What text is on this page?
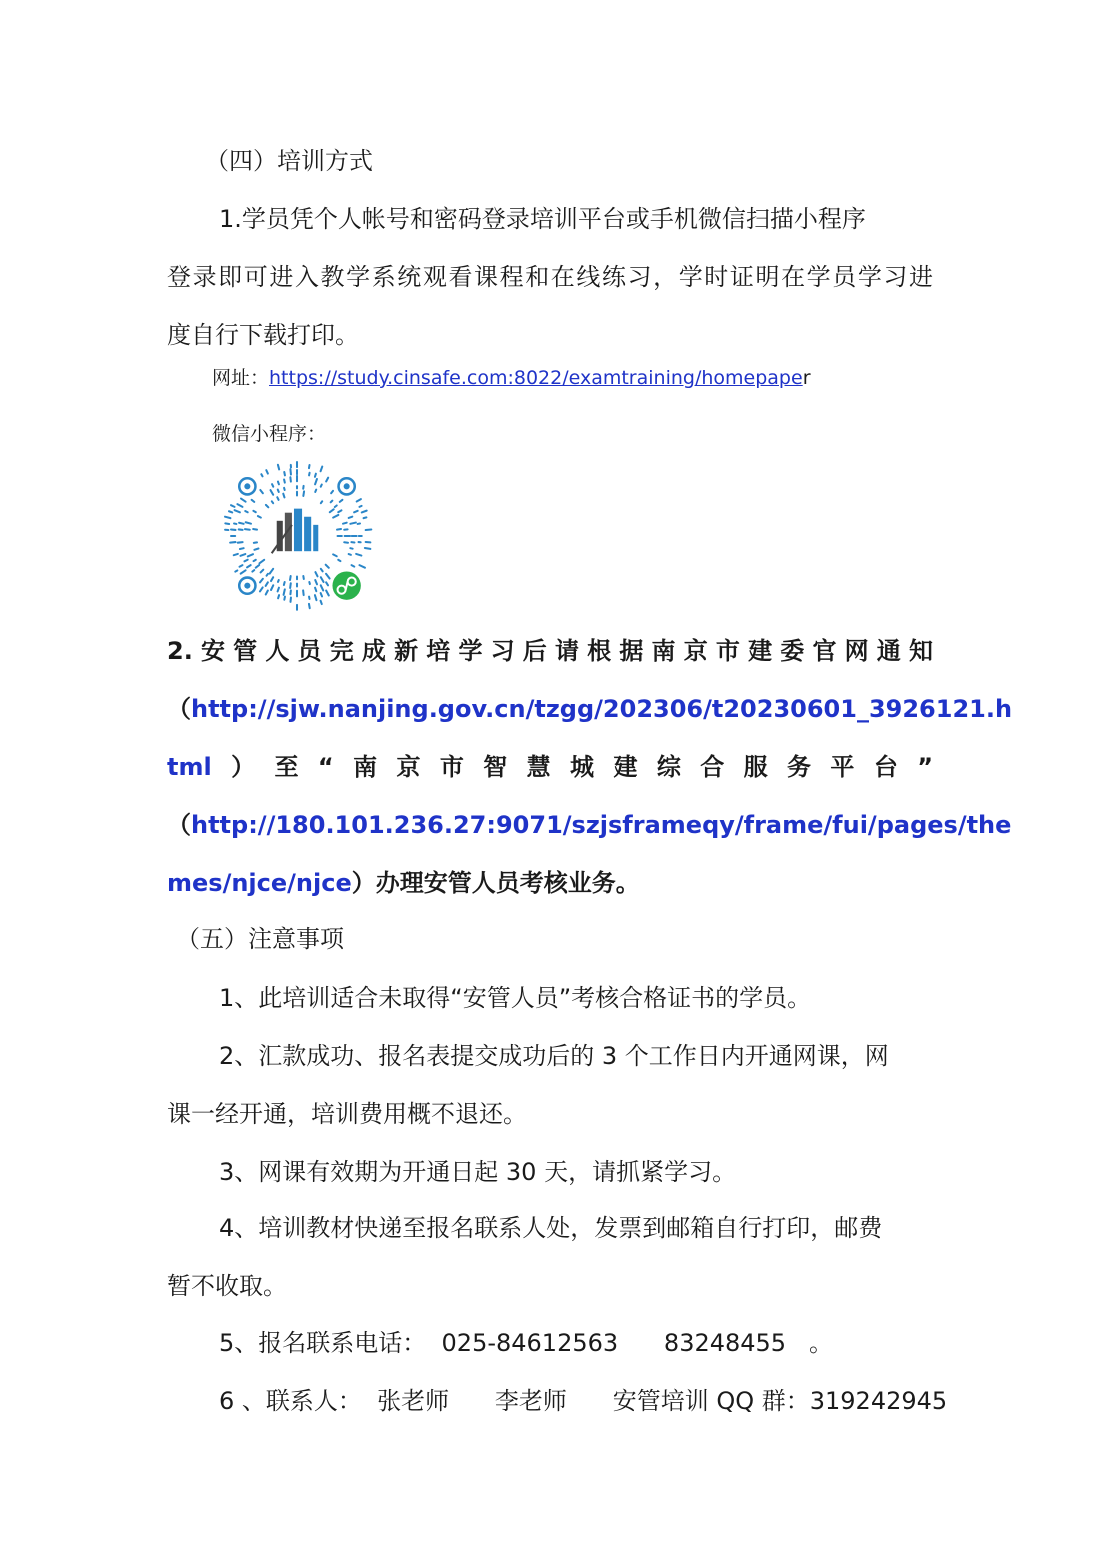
（四）培训方式

1.学员凭个人帐号和密码登录培训平台或手机微信扫描小程序

登录即可进入教学系统观看课程和在线练习，学时证明在学员学习进

度自行下载打印。

网址：https://study.cinsafe.com:8022/examtraining/homepaper

微信小程序：

2.安管人员完成新培学习后请根据南京市建委官网通知

（http://sjw.nanjing.gov.cn/tzgg/202306/t20230601_3926121.h

tml）至“南京市智慧城建综合服务平台”

（http://180.101.236.27:9071/szjsframeqy/frame/fui/pages/the

mes/njce/njce）办理安管人员考核业务。

（五）注意事项

1、此培训适合未取得“安管人员”考核合格证书的学员。

2、汇款成功、报名表提交成功后的 3 个工作日内开通网课，网

课一经开通，培训费用概不退还。

3、网课有效期为开通日起 30 天，请抓紧学习。

4、培训教材快递至报名联系人处，发票到邮箱自行打印，邮费

暂不收取。

5、报名联系电话：  025-84612563      83248455   。

6 、联系人：  张老师      李老师      安管培训 QQ 群：319242945
